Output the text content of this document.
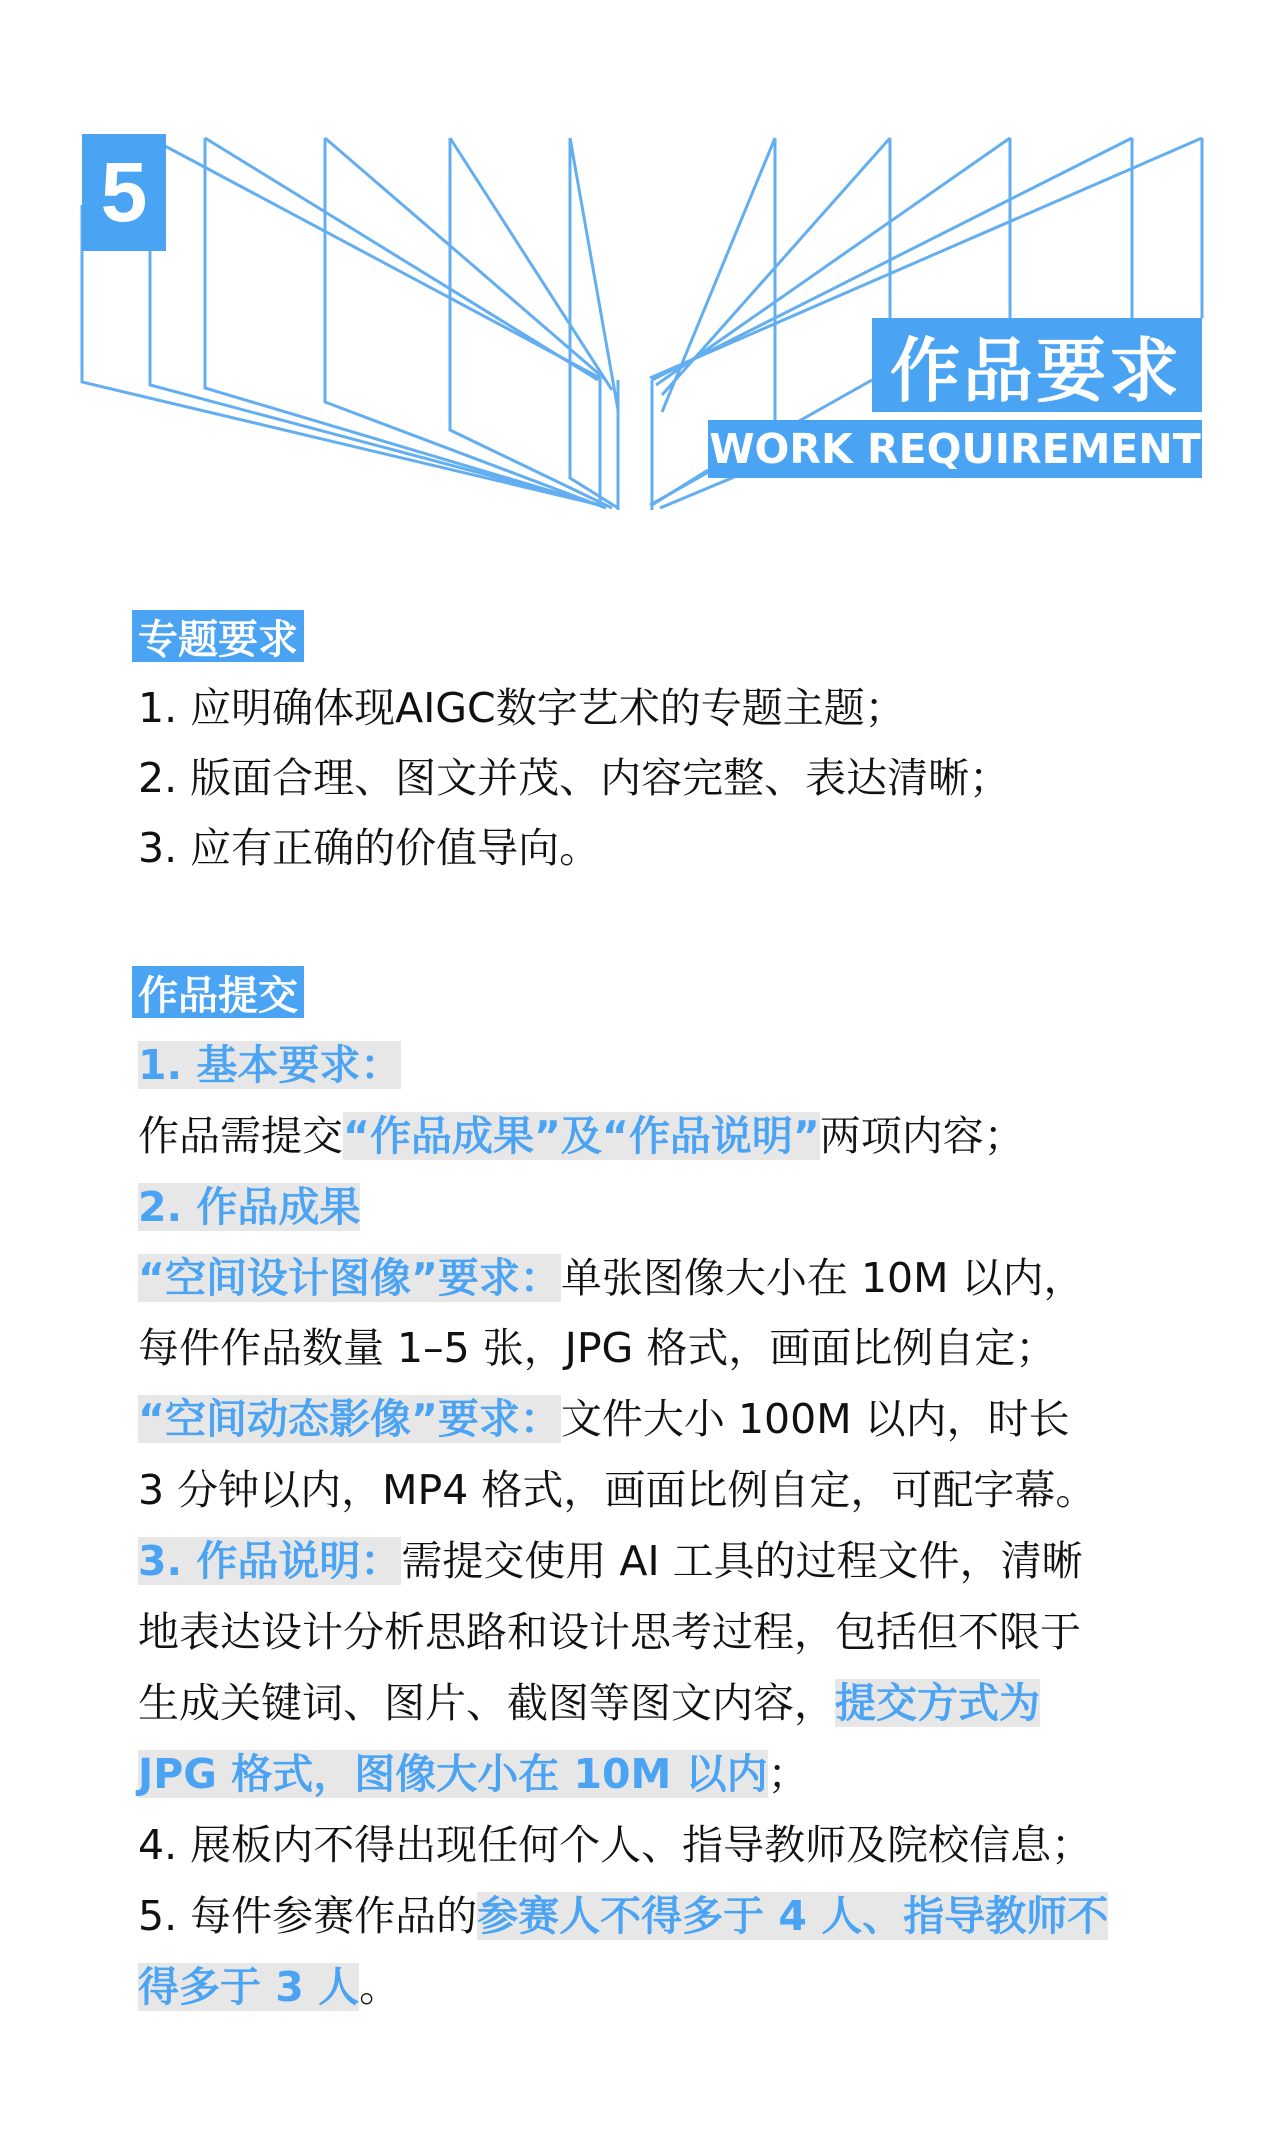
5
作品要求
WORK REQUIREMENT
专题要求
1. 应明确体现AIGC数字艺术的专题主题；
2. 版面合理、图文并茂、内容完整、表达清晰；
3. 应有正确的价值导向。
作品提交
1. 基本要求：
作品需提交“作品成果”及“作品说明”两项内容；
2. 作品成果
“空间设计图像”要求：单张图像大小在 10M 以内，
每件作品数量 1–5 张，JPG 格式，画面比例自定；
“空间动态影像”要求：文件大小 100M 以内，时长
3 分钟以内，MP4 格式，画面比例自定，可配字幕。
3. 作品说明：需提交使用 AI 工具的过程文件，清晰
地表达设计分析思路和设计思考过程，包括但不限于
生成关键词、图片、截图等图文内容，提交方式为
JPG 格式，图像大小在 10M 以内；
4. 展板内不得出现任何个人、指导教师及院校信息；
5. 每件参赛作品的参赛人不得多于 4 人、指导教师不
得多于 3 人。
